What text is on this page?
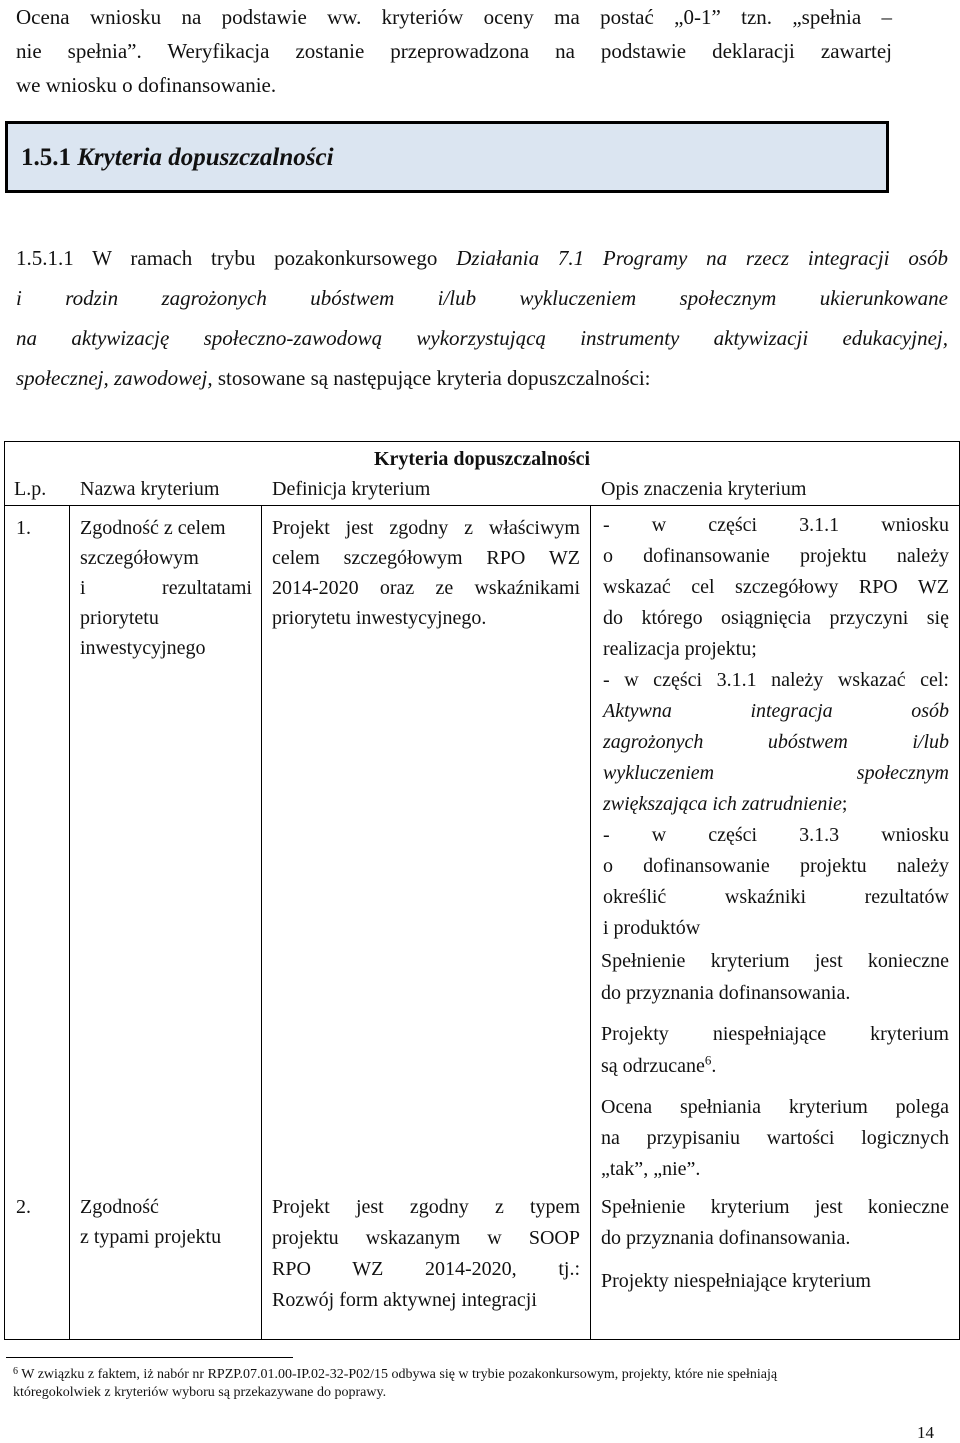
Ocena wniosku na podstawie ww. kryteriów oceny ma postać „0-1” tzn. „spełnia –
nie spełnia”. Weryfikacja zostanie przeprowadzona na podstawie deklaracji zawartej
we wniosku o dofinansowanie.
1.5.1 Kryteria dopuszczalności
1.5.1.1 W ramach trybu pozakonkursowego Działania 7.1 Programy na rzecz integracji osób
i rodzin zagrożonych ubóstwem i/lub wykluczeniem społecznym ukierunkowane
na aktywizację społeczno-zawodową wykorzystującą instrumenty aktywizacji edukacyjnej,
społecznej, zawodowej, stosowane są następujące kryteria dopuszczalności:
Kryteria dopuszczalności
L.p. Nazwa kryterium	Definicja kryterium	Opis znaczenia kryterium
1. Zgodność z celem
szczegółowym
i rezultatami
priorytetu
inwestycyjnego
Projekt jest zgodny z właściwym
celem szczegółowym RPO WZ
2014-2020 oraz ze wskaźnikami
priorytetu inwestycyjnego.
- w części 3.1.1 wniosku
o dofinansowanie projektu należy
wskazać cel szczegółowy RPO WZ
do którego osiągnięcia przyczyni się
realizacja projektu;
- w części 3.1.1 należy wskazać cel:
Aktywna integracja osób
zagrożonych ubóstwem i/lub
wykluczeniem społecznym
zwiększająca ich zatrudnienie;
- w części 3.1.3 wniosku
o dofinansowanie projektu należy
określić wskaźniki rezultatów
i produktów
Spełnienie kryterium jest konieczne
do przyznania dofinansowania.
Projekty niespełniające kryterium
są odrzucane$^6$.
Ocena spełniania kryterium polega
na przypisaniu wartości logicznych
„tak”, „nie”.
2. Zgodność
z typami projektu
Projekt jest zgodny z typem
projektu wskazanym w SOOP
RPO WZ 2014-2020, tj.:
Rozwój form aktywnej integracji
Spełnienie kryterium jest konieczne
do przyznania dofinansowania.
Projekty niespełniające kryterium
$^6$ W związku z faktem, iż nabór nr RPZP.07.01.00-IP.02-32-P02/15 odbywa się w trybie pozakonkursowym, projekty, które nie spełniają
któregokolwiek z kryteriów wyboru są przekazywane do poprawy.
14
